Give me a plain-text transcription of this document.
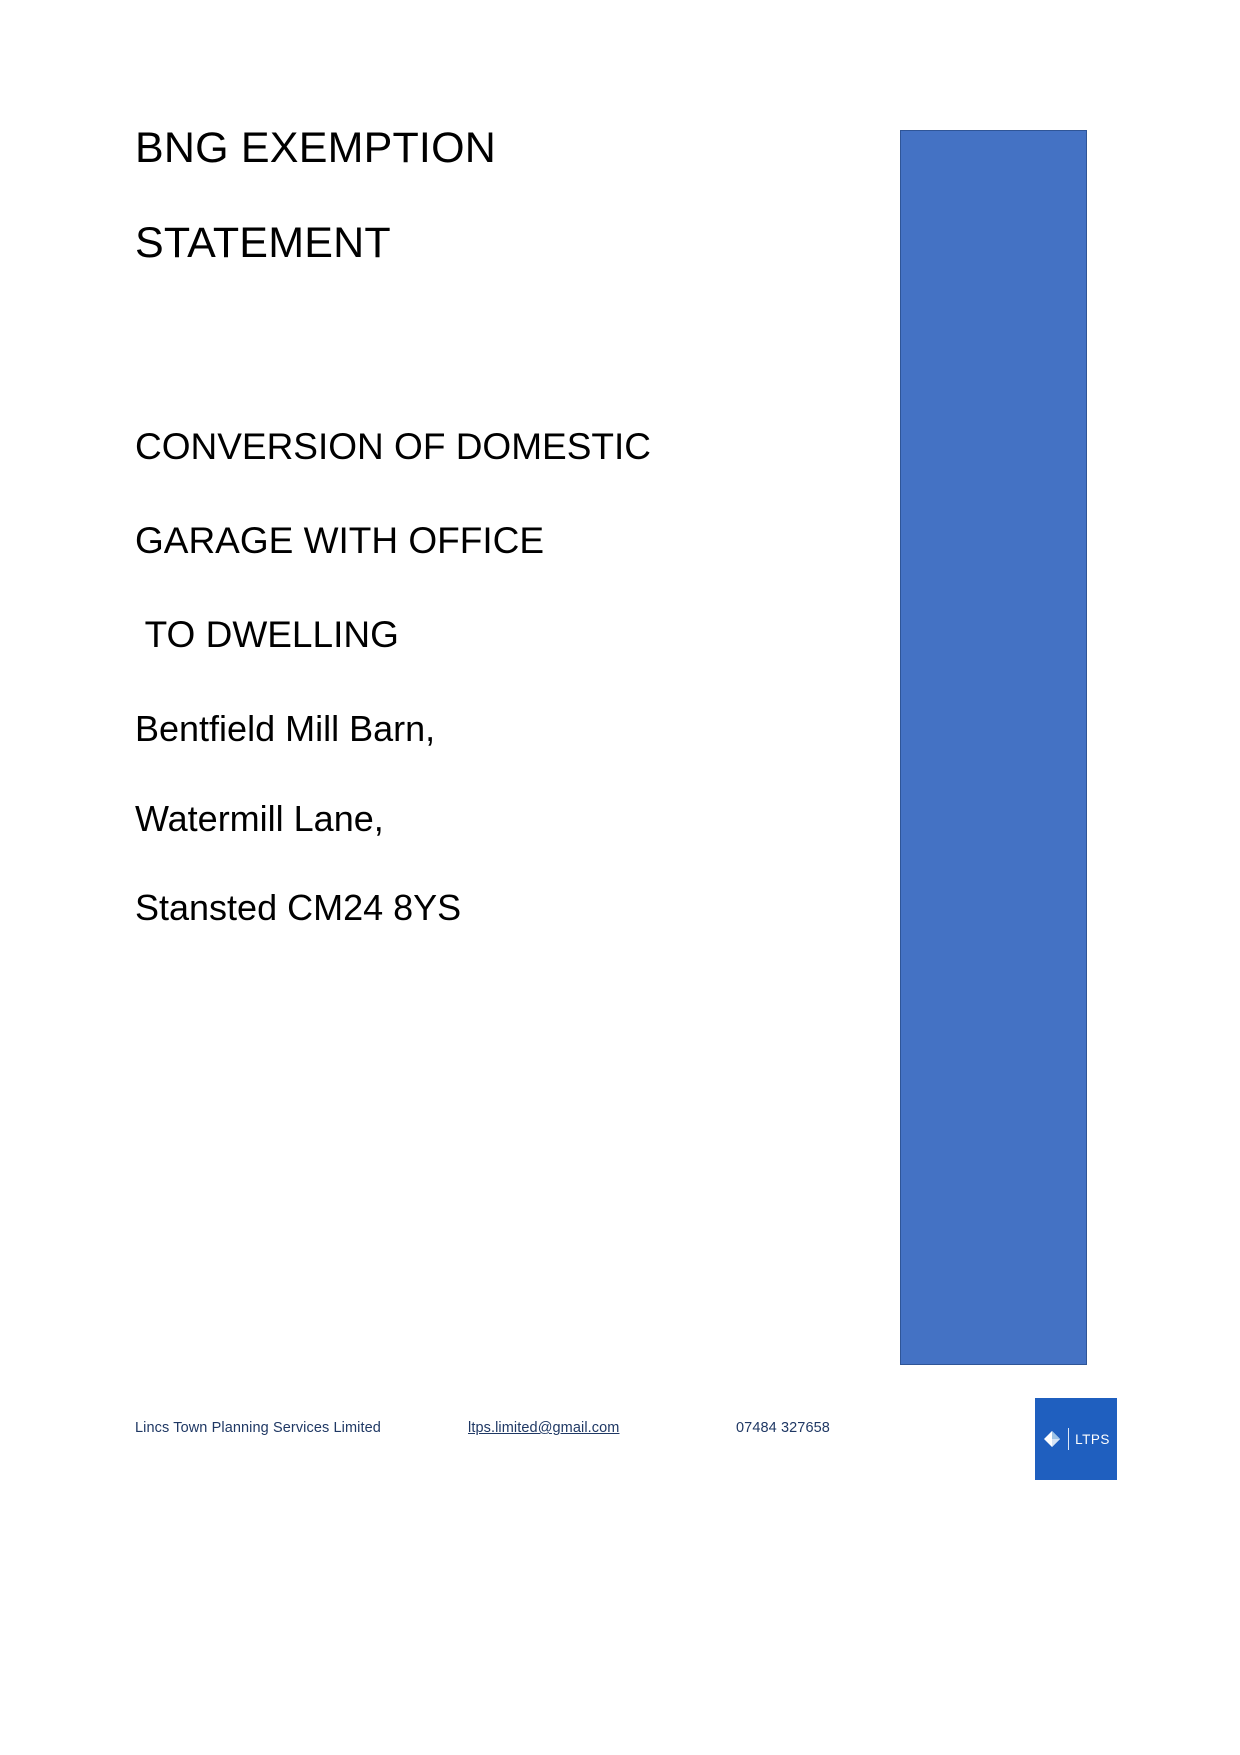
BNG EXEMPTION
STATEMENT
CONVERSION OF DOMESTIC
GARAGE WITH OFFICE
TO DWELLING
Bentfield Mill Barn,
Watermill Lane,
Stansted CM24 8YS
Lincs Town Planning Services Limited	ltps.limited@gmail.com	07484 327658
LTPS
